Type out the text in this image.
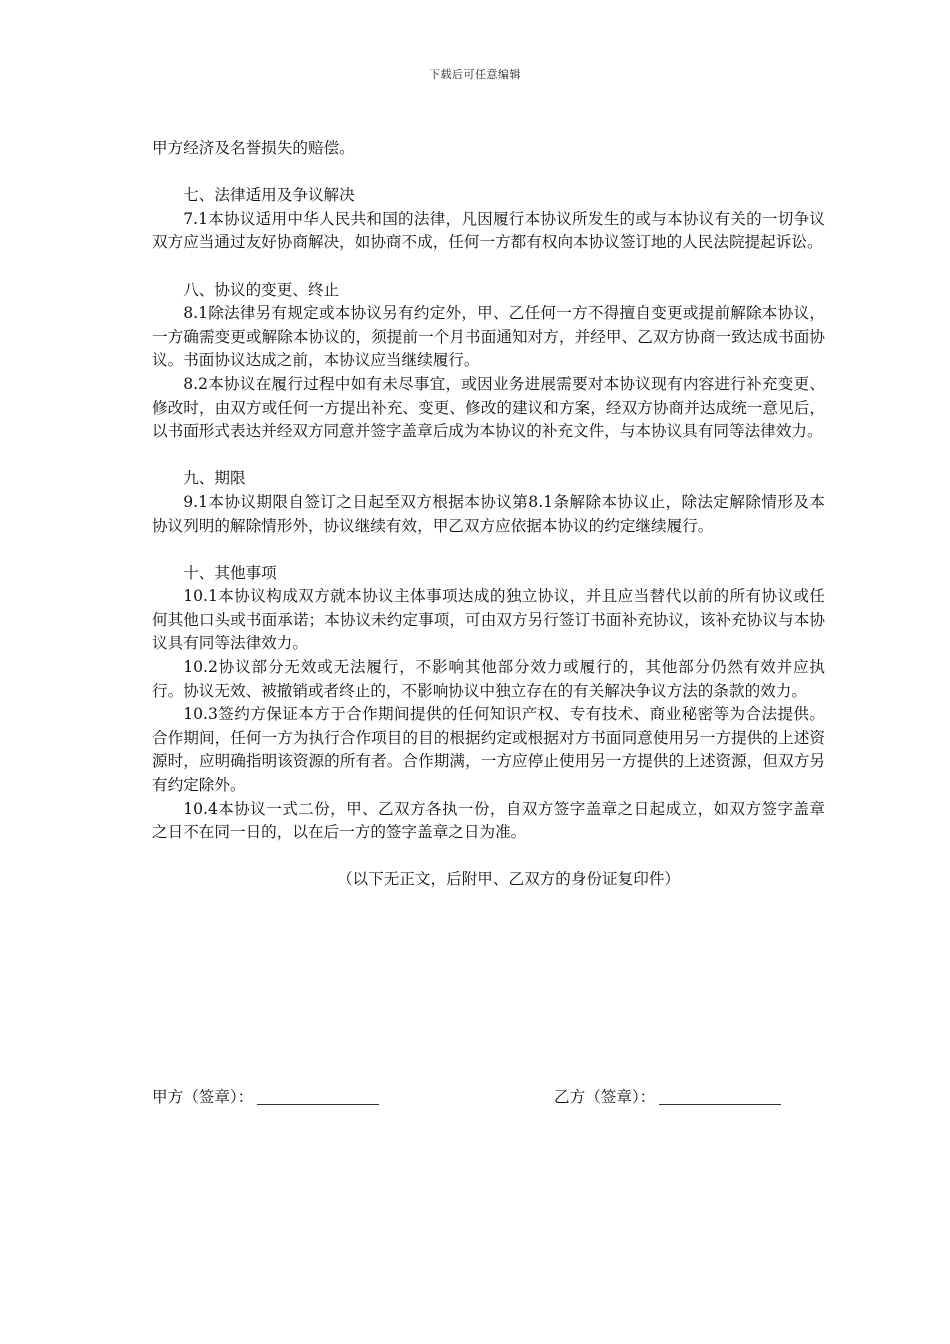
下载后可任意编辑

甲方经济及名誉损失的赔偿。

七、法律适用及争议解决

7.1本协议适用中华人民共和国的法律，凡因履行本协议所发生的或与本协议有关的一切争议双方应当通过友好协商解决，如协商不成，任何一方都有权向本协议签订地的人民法院提起诉讼。

八、协议的变更、终止

8.1除法律另有规定或本协议另有约定外，甲、乙任何一方不得擅自变更或提前解除本协议，一方确需变更或解除本协议的，须提前一个月书面通知对方，并经甲、乙双方协商一致达成书面协议。书面协议达成之前，本协议应当继续履行。

8.2本协议在履行过程中如有未尽事宜，或因业务进展需要对本协议现有内容进行补充变更、修改时，由双方或任何一方提出补充、变更、修改的建议和方案，经双方协商并达成统一意见后，以书面形式表达并经双方同意并签字盖章后成为本协议的补充文件，与本协议具有同等法律效力。

九、期限

9.1本协议期限自签订之日起至双方根据本协议第8.1条解除本协议止，除法定解除情形及本协议列明的解除情形外，协议继续有效，甲乙双方应依据本协议的约定继续履行。

十、其他事项

10.1本协议构成双方就本协议主体事项达成的独立协议，并且应当替代以前的所有协议或任何其他口头或书面承诺；本协议未约定事项，可由双方另行签订书面补充协议，该补充协议与本协议具有同等法律效力。

10.2协议部分无效或无法履行，不影响其他部分效力或履行的，其他部分仍然有效并应执行。协议无效、被撤销或者终止的，不影响协议中独立存在的有关解决争议方法的条款的效力。

10.3签约方保证本方于合作期间提供的任何知识产权、专有技术、商业秘密等为合法提供。合作期间，任何一方为执行合作项目的目的根据约定或根据对方书面同意使用另一方提供的上述资源时，应明确指明该资源的所有者。合作期满，一方应停止使用另一方提供的上述资源，但双方另有约定除外。

10.4本协议一式二份，甲、乙双方各执一份，自双方签字盖章之日起成立，如双方签字盖章之日不在同一日的，以在后一方的签字盖章之日为准。

（以下无正文，后附甲、乙双方的身份证复印件）

甲方（签章）：	乙方（签章）：
